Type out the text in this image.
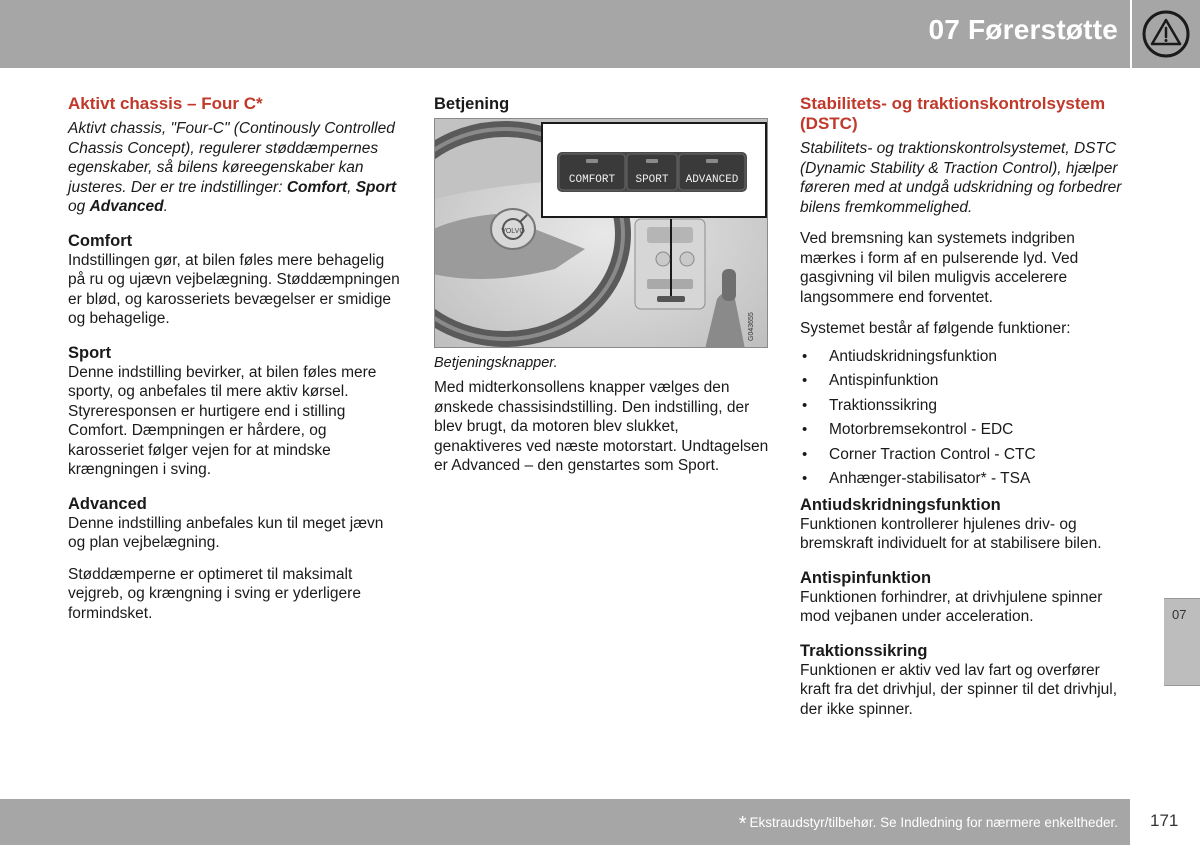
07 Førerstøtte
Aktivt chassis – Four C*

Aktivt chassis, "Four-C" (Continously Controlled Chassis Concept), regulerer støddæmpernes egenskaber, så bilens køreegenskaber kan justeres. Der er tre indstillinger: Comfort, Sport og Advanced.

Comfort

Indstillingen gør, at bilen føles mere behagelig på ru og ujævn vejbelægning. Støddæmpningen er blød, og karosseriets bevægelser er smidige og behagelige.

Sport

Denne indstilling bevirker, at bilen føles mere sporty, og anbefales til mere aktiv kørsel. Styreresponsen er hurtigere end i stilling Comfort. Dæmpningen er hårdere, og karosseriet følger vejen for at mindske krængningen i sving.

Advanced

Denne indstilling anbefales kun til meget jævn og plan vejbelægning.

Støddæmperne er optimeret til maksimalt vejgreb, og krængning i sving er yderligere formindsket.

Betjening
VOLVO
COMFORT SPORT ADVANCED
G043655
Betjeningsknapper.

Med midterkonsollens knapper vælges den ønskede chassisindstilling. Den indstilling, der blev brugt, da motoren blev slukket, genaktiveres ved næste motorstart. Undtagelsen er Advanced – den genstartes som Sport.

Stabilitets- og traktionskontrolsystem (DSTC)

Stabilitets- og traktionskontrolsystemet, DSTC (Dynamic Stability & Traction Control), hjælper føreren med at undgå udskridning og forbedrer bilens fremkommelighed.

Ved bremsning kan systemets indgriben mærkes i form af en pulserende lyd. Ved gasgivning vil bilen muligvis accelerere langsommere end forventet.

Systemet består af følgende funktioner:

• Antiudskridningsfunktion
• Antispinfunktion
• Traktionssikring
• Motorbremsekontrol - EDC
• Corner Traction Control - CTC
• Anhænger-stabilisator* - TSA
Antiudskridningsfunktion

Funktionen kontrollerer hjulenes driv- og bremskraft individuelt for at stabilisere bilen.

Antispinfunktion

Funktionen forhindrer, at drivhjulene spinner mod vejbanen under acceleration.

Traktionssikring

Funktionen er aktiv ved lav fart og overfører kraft fra det drivhjul, der spinner til det drivhjul, der ikke spinner.

07
* Ekstraudstyr/tilbehør. Se Indledning for nærmere enkeltheder. 171
